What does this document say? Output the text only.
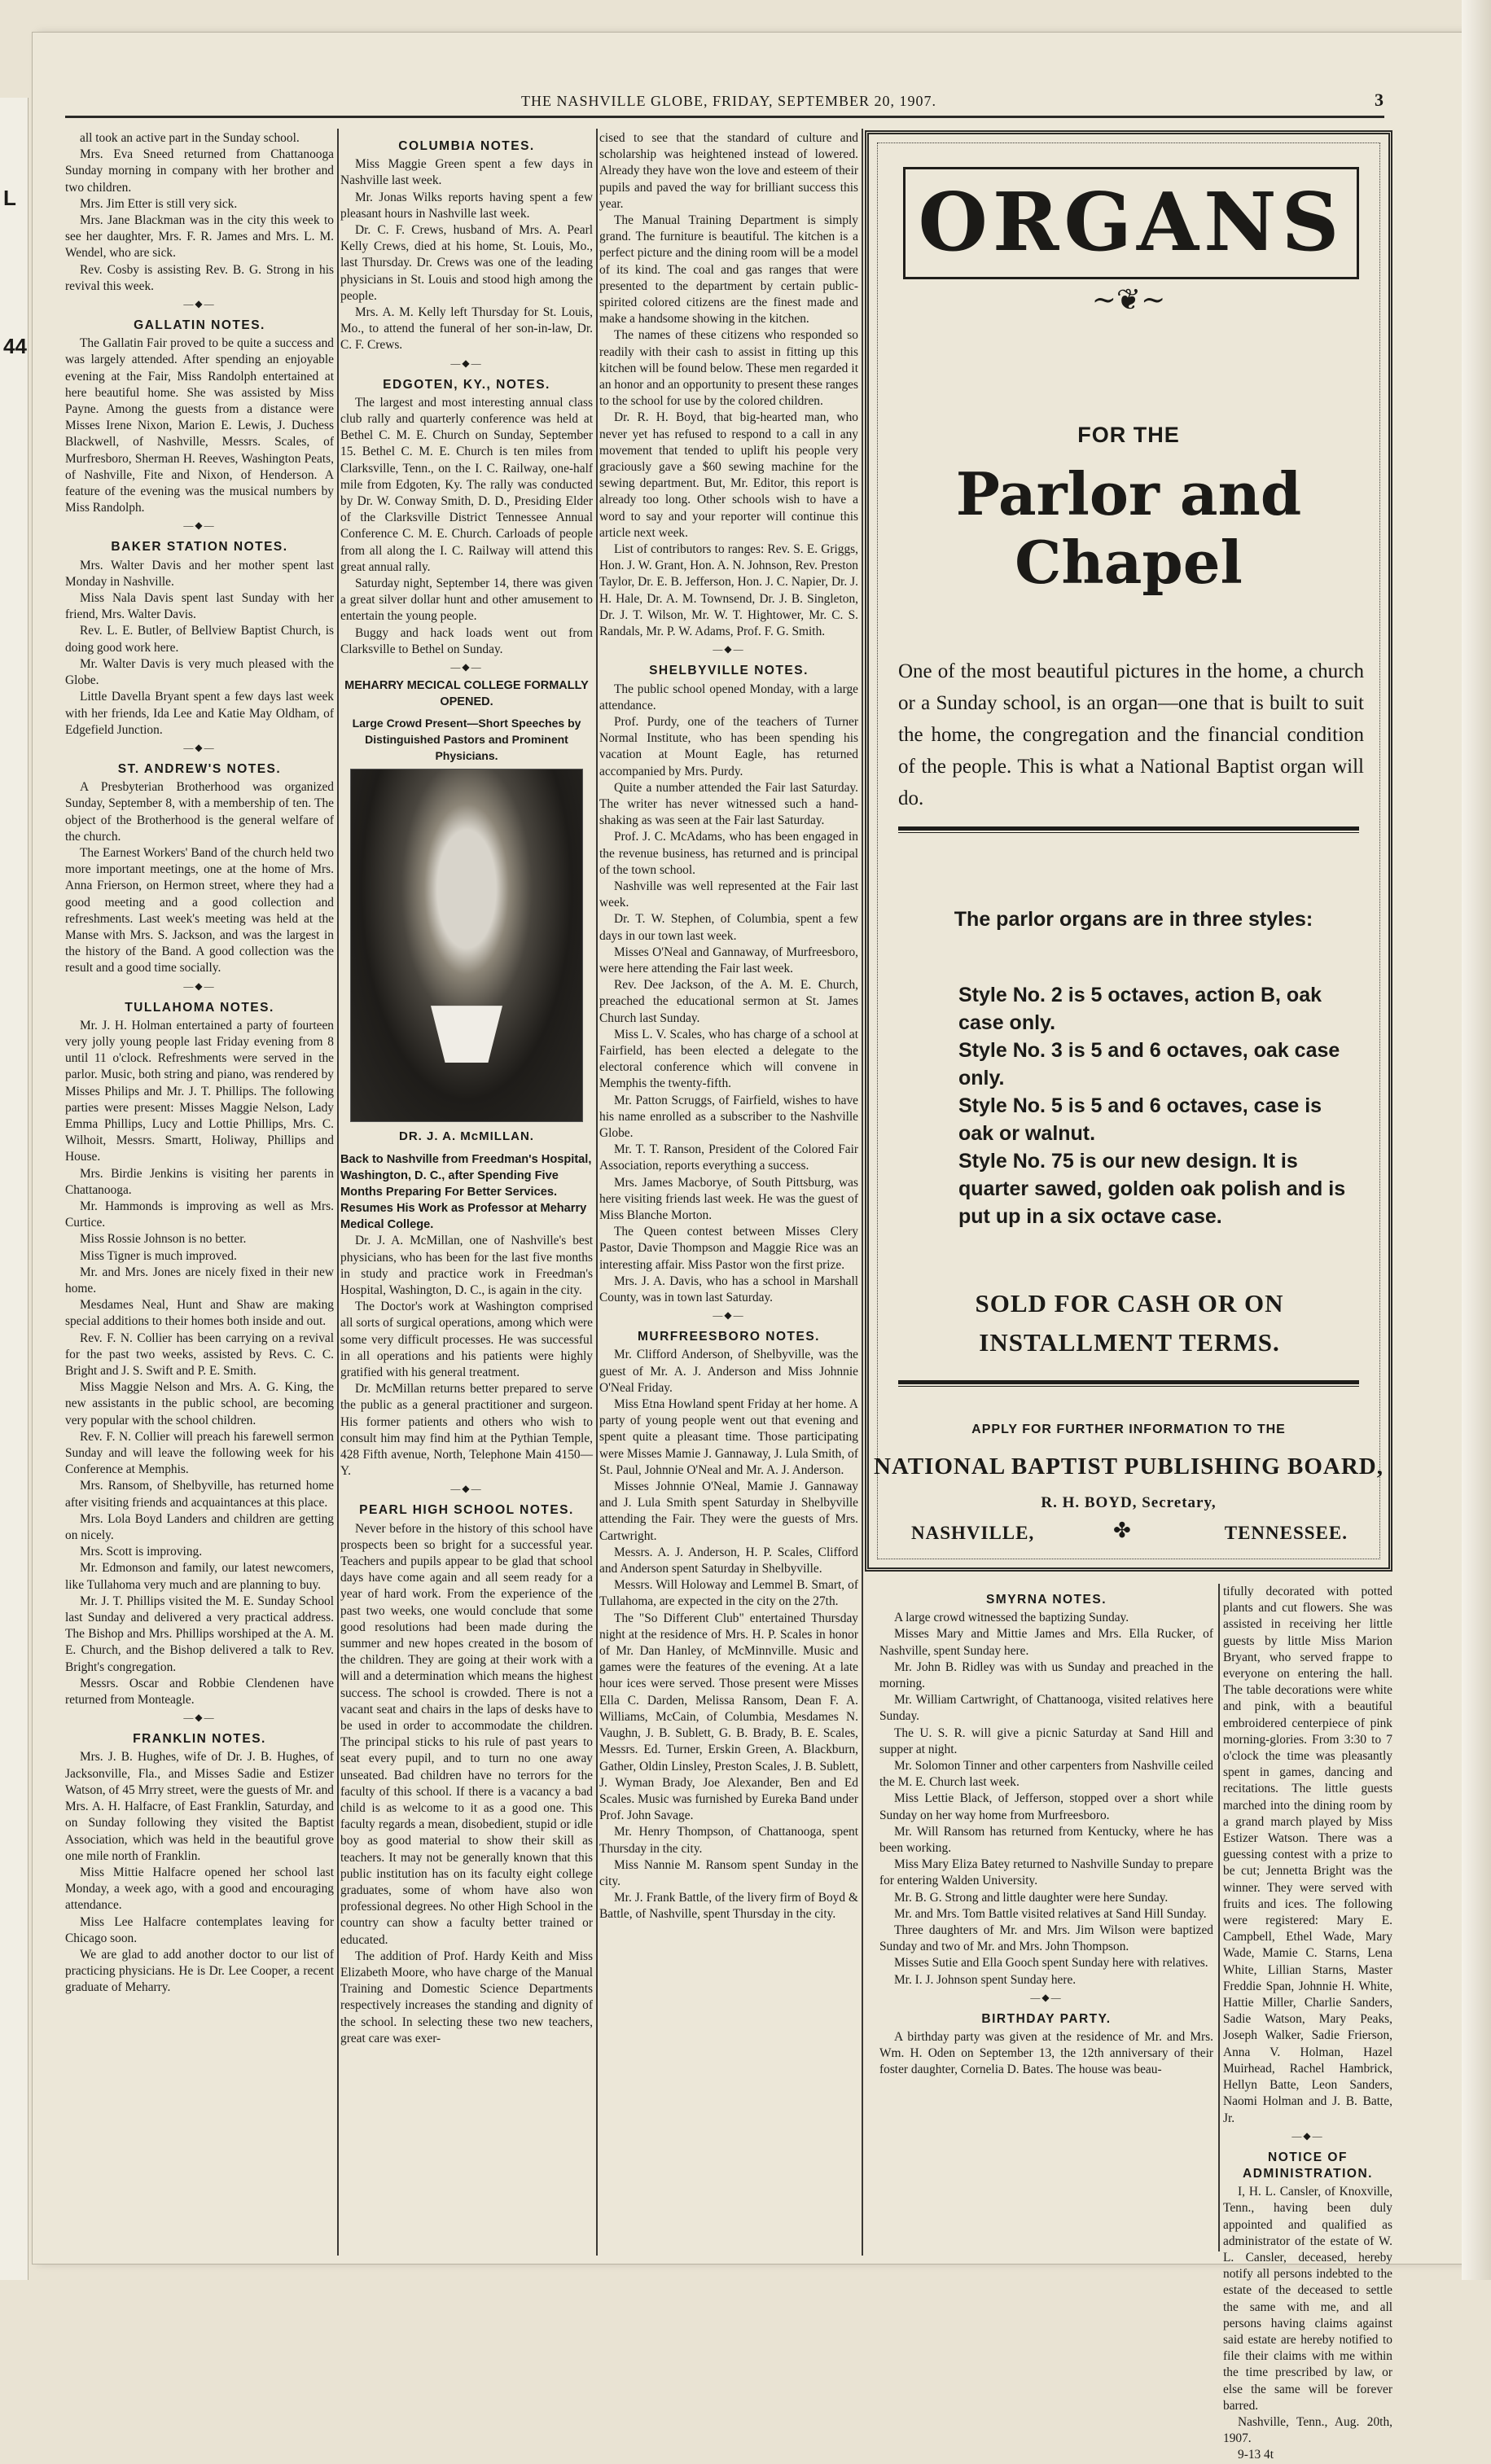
L
44
THE NASHVILLE GLOBE, FRIDAY, SEPTEMBER 20, 1907.	3

all took an active part in the Sunday school.

Mrs. Eva Sneed returned from Chattanooga Sunday morning in company with her brother and two children.

Mrs. Jim Etter is still very sick.

Mrs. Jane Blackman was in the city this week to see her daughter, Mrs. F. R. James and Mrs. L. M. Wendel, who are sick.

Rev. Cosby is assisting Rev. B. G. Strong in his revival this week.

—◆—
GALLATIN NOTES.

The Gallatin Fair proved to be quite a success and was largely attended. After spending an enjoyable evening at the Fair, Miss Randolph entertained at here beautiful home. She was assisted by Miss Payne. Among the guests from a distance were Misses Irene Nixon, Marion E. Lewis, J. Duchess Blackwell, of Nashville, Messrs. Scales, of Murfresboro, Sherman H. Reeves, Washington Peats, of Nashville, Fite and Nixon, of Henderson. A feature of the evening was the musical numbers by Miss Randolph.

—◆—
BAKER STATION NOTES.

Mrs. Walter Davis and her mother spent last Monday in Nashville.

Miss Nala Davis spent last Sunday with her friend, Mrs. Walter Davis.

Rev. L. E. Butler, of Bellview Baptist Church, is doing good work here.

Mr. Walter Davis is very much pleased with the Globe.

Little Davella Bryant spent a few days last week with her friends, Ida Lee and Katie May Oldham, of Edgefield Junction.

—◆—
ST. ANDREW'S NOTES.

A Presbyterian Brotherhood was organized Sunday, September 8, with a membership of ten. The object of the Brotherhood is the general welfare of the church.

The Earnest Workers' Band of the church held two more important meetings, one at the home of Mrs. Anna Frierson, on Hermon street, where they had a good meeting and a good collection and refreshments. Last week's meeting was held at the Manse with Mrs. S. Jackson, and was the largest in the history of the Band. A good collection was the result and a good time socially.

—◆—
TULLAHOMA NOTES.

Mr. J. H. Holman entertained a party of fourteen very jolly young people last Friday evening from 8 until 11 o'clock. Refreshments were served in the parlor. Music, both string and piano, was rendered by Misses Philips and Mr. J. T. Phillips. The following parties were present: Misses Maggie Nelson, Lady Emma Phillips, Lucy and Lottie Phillips, Mrs. C. Wilhoit, Messrs. Smartt, Holiway, Phillips and House.

Mrs. Birdie Jenkins is visiting her parents in Chattanooga.

Mr. Hammonds is improving as well as Mrs. Curtice.

Miss Rossie Johnson is no better.

Miss Tigner is much improved.

Mr. and Mrs. Jones are nicely fixed in their new home.

Mesdames Neal, Hunt and Shaw are making special additions to their homes both inside and out.

Rev. F. N. Collier has been carrying on a revival for the past two weeks, assisted by Revs. C. C. Bright and J. S. Swift and P. E. Smith.

Miss Maggie Nelson and Mrs. A. G. King, the new assistants in the public school, are becoming very popular with the school children.

Rev. F. N. Collier will preach his farewell sermon Sunday and will leave the following week for his Conference at Memphis.

Mrs. Ransom, of Shelbyville, has returned home after visiting friends and acquaintances at this place.

Mrs. Lola Boyd Landers and children are getting on nicely.

Mrs. Scott is improving.

Mr. Edmonson and family, our latest newcomers, like Tullahoma very much and are planning to buy.

Mr. J. T. Phillips visited the M. E. Sunday School last Sunday and delivered a very practical address. The Bishop and Mrs. Phillips worshiped at the A. M. E. Church, and the Bishop delivered a talk to Rev. Bright's congregation.

Messrs. Oscar and Robbie Clendenen have returned from Monteagle.

—◆—
FRANKLIN NOTES.

Mrs. J. B. Hughes, wife of Dr. J. B. Hughes, of Jacksonville, Fla., and Misses Sadie and Estizer Watson, of 45 Mrry street, were the guests of Mr. and Mrs. A. H. Halfacre, of East Franklin, Saturday, and on Sunday following they visited the Baptist Association, which was held in the beautiful grove one mile north of Franklin.

Miss Mittie Halfacre opened her school last Monday, a week ago, with a good and encouraging attendance.

Miss Lee Halfacre contemplates leaving for Chicago soon.

We are glad to add another doctor to our list of practicing physicians. He is Dr. Lee Cooper, a recent graduate of Meharry.

COLUMBIA NOTES.

Miss Maggie Green spent a few days in Nashville last week.

Mr. Jonas Wilks reports having spent a few pleasant hours in Nashville last week.

Dr. C. F. Crews, husband of Mrs. A. Pearl Kelly Crews, died at his home, St. Louis, Mo., last Thursday. Dr. Crews was one of the leading physicians in St. Louis and stood high among the people.

Mrs. A. M. Kelly left Thursday for St. Louis, Mo., to attend the funeral of her son-in-law, Dr. C. F. Crews.

—◆—
EDGOTEN, KY., NOTES.

The largest and most interesting annual class club rally and quarterly conference was held at Bethel C. M. E. Church on Sunday, September 15. Bethel C. M. E. Church is ten miles from Clarksville, Tenn., on the I. C. Railway, one-half mile from Edgoten, Ky. The rally was conducted by Dr. W. Conway Smith, D. D., Presiding Elder of the Clarksville District Tennessee Annual Conference C. M. E. Church. Carloads of people from all along the I. C. Railway will attend this great annual rally.

Saturday night, September 14, there was given a great silver dollar hunt and other amusement to entertain the young people.

Buggy and hack loads went out from Clarksville to Bethel on Sunday.

—◆—
MEHARRY MECICAL COLLEGE FORMALLY OPENED.
Large Crowd Present—Short Speeches by Distinguished Pastors and Prominent Physicians.
DR. J. A. McMILLAN.
Back to Nashville from Freedman's Hospital, Washington, D. C., after Spending Five Months Preparing For Better Services. Resumes His Work as Professor at Meharry Medical College.

Dr. J. A. McMillan, one of Nashville's best physicians, who has been for the last five months in study and practice work in Freedman's Hospital, Washington, D. C., is again in the city.

The Doctor's work at Washington comprised all sorts of surgical operations, among which were some very difficult processes. He was successful in all operations and his patients were highly gratified with his general treatment.

Dr. McMillan returns better prepared to serve the public as a general practitioner and surgeon. His former patients and others who wish to consult him may find him at the Pythian Temple, 428 Fifth avenue, North, Telephone Main 4150—Y.

—◆—
PEARL HIGH SCHOOL NOTES.

Never before in the history of this school have prospects been so bright for a successful year. Teachers and pupils appear to be glad that school days have come again and all seem ready for a year of hard work. From the experience of the past two weeks, one would conclude that some good resolutions had been made during the summer and new hopes created in the bosom of the children. They are going at their work with a will and a determination which means the highest success. The school is crowded. There is not a vacant seat and chairs in the laps of desks have to be used in order to accommodate the children. The principal sticks to his rule of past years to seat every pupil, and to turn no one away unseated. Bad children have no terrors for the faculty of this school. If there is a vacancy a bad child is as welcome to it as a good one. This faculty regards a mean, disobedient, stupid or idle boy as good material to show their skill as teachers. It may not be generally known that this public institution has on its faculty eight college graduates, some of whom have also won professional degrees. No other High School in the country can show a faculty better trained or educated.

The addition of Prof. Hardy Keith and Miss Elizabeth Moore, who have charge of the Manual Training and Domestic Science Departments respectively increases the standing and dignity of the school. In selecting these two new teachers, great care was exer-

cised to see that the standard of culture and scholarship was heightened instead of lowered. Already they have won the love and esteem of their pupils and paved the way for brilliant success this year.

The Manual Training Department is simply grand. The furniture is beautiful. The kitchen is a perfect picture and the dining room will be a model of its kind. The coal and gas ranges that were presented to the department by certain public-spirited colored citizens are the finest made and make a handsome showing in the kitchen.

The names of these citizens who responded so readily with their cash to assist in fitting up this kitchen will be found below. These men regarded it an honor and an opportunity to present these ranges to the school for use by the colored children.

Dr. R. H. Boyd, that big-hearted man, who never yet has refused to respond to a call in any movement that tended to uplift his people very graciously gave a $60 sewing machine for the sewing department. But, Mr. Editor, this report is already too long. Other schools wish to have a word to say and your reporter will continue this article next week.

List of contributors to ranges: Rev. S. E. Griggs, Hon. J. W. Grant, Hon. A. N. Johnson, Rev. Preston Taylor, Dr. E. B. Jefferson, Hon. J. C. Napier, Dr. J. H. Hale, Dr. A. M. Townsend, Dr. J. B. Singleton, Dr. J. T. Wilson, Mr. W. T. Hightower, Mr. C. S. Randals, Mr. P. W. Adams, Prof. F. G. Smith.

—◆—
SHELBYVILLE NOTES.

The public school opened Monday, with a large attendance.

Prof. Purdy, one of the teachers of Turner Normal Institute, who has been spending his vacation at Mount Eagle, has returned accompanied by Mrs. Purdy.

Quite a number attended the Fair last Saturday. The writer has never witnessed such a hand-shaking as was seen at the Fair last Saturday.

Prof. J. C. McAdams, who has been engaged in the revenue business, has returned and is principal of the town school.

Nashville was well represented at the Fair last week.

Dr. T. W. Stephen, of Columbia, spent a few days in our town last week.

Misses O'Neal and Gannaway, of Murfreesboro, were here attending the Fair last week.

Rev. Dee Jackson, of the A. M. E. Church, preached the educational sermon at St. James Church last Sunday.

Miss L. V. Scales, who has charge of a school at Fairfield, has been elected a delegate to the electoral conference which will convene in Memphis the twenty-fifth.

Mr. Patton Scruggs, of Fairfield, wishes to have his name enrolled as a subscriber to the Nashville Globe.

Mr. T. T. Ranson, President of the Colored Fair Association, reports everything a success.

Mrs. James Macborye, of South Pittsburg, was here visiting friends last week. He was the guest of Miss Blanche Morton.

The Queen contest between Misses Clery Pastor, Davie Thompson and Maggie Rice was an interesting affair. Miss Pastor won the first prize.

Mrs. J. A. Davis, who has a school in Marshall County, was in town last Saturday.

—◆—
MURFREESBORO NOTES.

Mr. Clifford Anderson, of Shelbyville, was the guest of Mr. A. J. Anderson and Miss Johnnie O'Neal Friday.

Miss Etna Howland spent Friday at her home. A party of young people went out that evening and spent quite a pleasant time. Those participating were Misses Mamie J. Gannaway, J. Lula Smith, of St. Paul, Johnnie O'Neal and Mr. A. J. Anderson.

Misses Johnnie O'Neal, Mamie J. Gannaway and J. Lula Smith spent Saturday in Shelbyville attending the Fair. They were the guests of Mrs. Cartwright.

Messrs. A. J. Anderson, H. P. Scales, Clifford and Anderson spent Saturday in Shelbyville.

Messrs. Will Holoway and Lemmel B. Smart, of Tullahoma, are expected in the city on the 27th.

The "So Different Club" entertained Thursday night at the residence of Mrs. H. P. Scales in honor of Mr. Dan Hanley, of McMinnville. Music and games were the features of the evening. At a late hour ices were served. Those present were Misses Ella C. Darden, Melissa Ransom, Dean F. A. Williams, McCain, of Columbia, Mesdames N. Vaughn, J. B. Sublett, G. B. Brady, B. E. Scales, Messrs. Ed. Turner, Erskin Green, A. Blackburn, Gather, Oldin Linsley, Preston Scales, J. B. Sublett, J. Wyman Brady, Joe Alexander, Ben and Ed Scales. Music was furnished by Eureka Band under Prof. John Savage.

Mr. Henry Thompson, of Chattanooga, spent Thursday in the city.

Miss Nannie M. Ransom spent Sunday in the city.

Mr. J. Frank Battle, of the livery firm of Boyd & Battle, of Nashville, spent Thursday in the city.

ORGANS
~❦~
FOR THE
Parlor and
Chapel
One of the most beautiful pictures in the home, a church or a Sunday school, is an organ—one that is built to suit the home, the congregation and the financial condition of the people. This is what a National Baptist organ will do.
The parlor organs are in three styles:
Style No. 2 is 5 octaves, action B, oak case only.
Style No. 3 is 5 and 6 octaves, oak case only.
Style No. 5 is 5 and 6 octaves, case is oak or walnut.
Style No. 75 is our new design. It is quarter sawed, golden oak polish and is put up in a six octave case.
SOLD FOR CASH OR ON INSTALLMENT TERMS.
APPLY FOR FURTHER INFORMATION TO THE
NATIONAL BAPTIST PUBLISHING BOARD,
R. H. BOYD, Secretary,
NASHVILLE,	✤	TENNESSEE.
SMYRNA NOTES.

A large crowd witnessed the baptizing Sunday.

Misses Mary and Mittie James and Mrs. Ella Rucker, of Nashville, spent Sunday here.

Mr. John B. Ridley was with us Sunday and preached in the morning.

Mr. William Cartwright, of Chattanooga, visited relatives here Sunday.

The U. S. R. will give a picnic Saturday at Sand Hill and supper at night.

Mr. Solomon Tinner and other carpenters from Nashville ceiled the M. E. Church last week.

Miss Lettie Black, of Jefferson, stopped over a short while Sunday on her way home from Murfreesboro.

Mr. Will Ransom has returned from Kentucky, where he has been working.

Miss Mary Eliza Batey returned to Nashville Sunday to prepare for entering Walden University.

Mr. B. G. Strong and little daughter were here Sunday.

Mr. and Mrs. Tom Battle visited relatives at Sand Hill Sunday.

Three daughters of Mr. and Mrs. Jim Wilson were baptized Sunday and two of Mr. and Mrs. John Thompson.

Misses Sutie and Ella Gooch spent Sunday here with relatives.

Mr. I. J. Johnson spent Sunday here.

—◆—
BIRTHDAY PARTY.

A birthday party was given at the residence of Mr. and Mrs. Wm. H. Oden on September 13, the 12th anniversary of their foster daughter, Cornelia D. Bates. The house was beau-

tifully decorated with potted plants and cut flowers. She was assisted in receiving her little guests by little Miss Marion Bryant, who served frappe to everyone on entering the hall. The table decorations were white and pink, with a beautiful embroidered centerpiece of pink morning-glories. From 3:30 to 7 o'clock the time was pleasantly spent in games, dancing and recitations. The little guests marched into the dining room by a grand march played by Miss Estizer Watson. There was a guessing contest with a prize to be cut; Jennetta Bright was the winner. They were served with fruits and ices. The following were registered: Mary E. Campbell, Ethel Wade, Mary Wade, Mamie C. Starns, Lena White, Lillian Starns, Master Freddie Span, Johnnie H. White, Hattie Miller, Charlie Sanders, Sadie Watson, Mary Peaks, Joseph Walker, Sadie Frierson, Anna V. Holman, Hazel Muirhead, Rachel Hambrick, Hellyn Batte, Leon Sanders, Naomi Holman and J. B. Batte, Jr.

—◆—
NOTICE OF ADMINISTRATION.

I, H. L. Cansler, of Knoxville, Tenn., having been duly appointed and qualified as administrator of the estate of W. L. Cansler, deceased, hereby notify all persons indebted to the estate of the deceased to settle the same with me, and all persons having claims against said estate are hereby notified to file their claims with me within the time prescribed by law, or else the same will be forever barred.

Nashville, Tenn., Aug. 20th, 1907.

9-13 4t
